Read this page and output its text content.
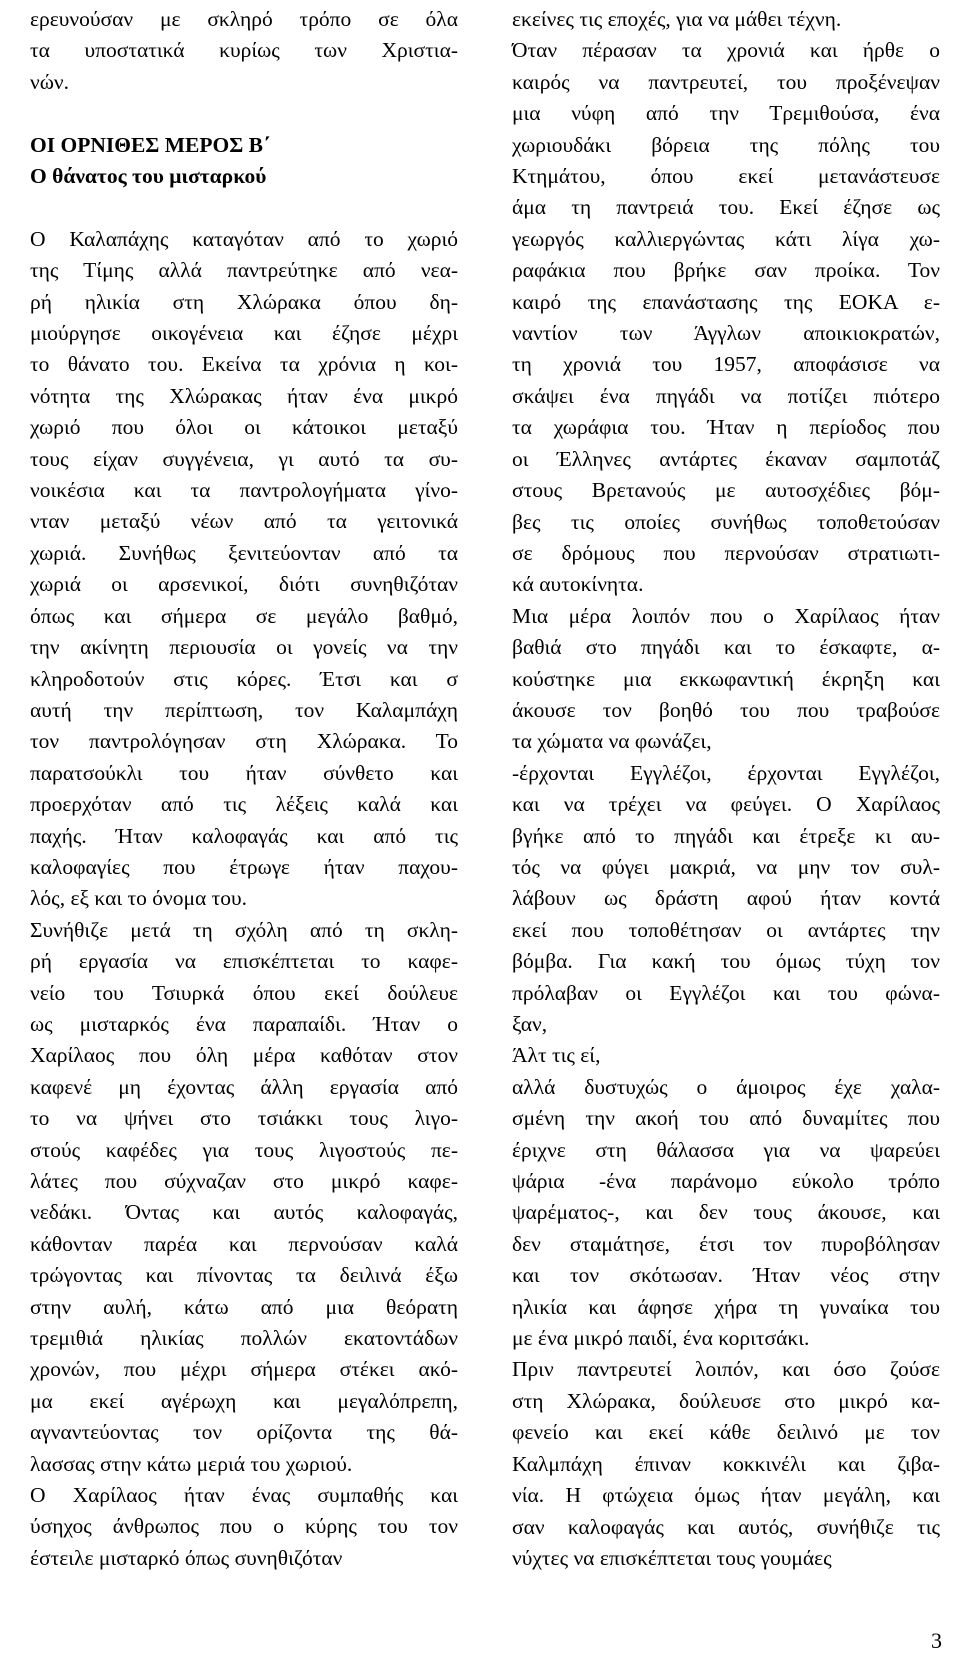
ερευνούσαν με σκληρό τρόπο σε όλα
τα υποστατικά κυρίως των Χριστια-
νών.

ΟΙ ΟΡΝΙΘΕΣ ΜΕΡΟΣ Β΄
Ο θάνατος του μισταρκού

Ο Καλαπάχης καταγόταν από το χωριό
της Τίμης αλλά παντρεύτηκε από νεα-
ρή ηλικία στη Χλώρακα όπου δη-
μιούργησε οικογένεια και έζησε μέχρι
το θάνατο του. Εκείνα τα χρόνια η κοι-
νότητα της Χλώρακας ήταν ένα μικρό
χωριό που όλοι οι κάτοικοι μεταξύ
τους είχαν συγγένεια, γι αυτό τα συ-
νοικέσια και τα παντρολογήματα γίνο-
νταν μεταξύ νέων από τα γειτονικά
χωριά. Συνήθως ξενιτεύονταν από τα
χωριά οι αρσενικοί, διότι συνηθιζόταν
όπως και σήμερα σε μεγάλο βαθμό,
την ακίνητη περιουσία οι γονείς να την
κληροδοτούν στις κόρες. Έτσι και σ
αυτή την περίπτωση, τον Καλαμπάχη
τον παντρολόγησαν στη Χλώρακα. Το
παρατσούκλι του ήταν σύνθετο και
προερχόταν από τις λέξεις καλά και
παχής. Ήταν καλοφαγάς και από τις
καλοφαγίες που έτρωγε ήταν παχου-
λός, εξ και το όνομα του.

Συνήθιζε μετά τη σχόλη από τη σκλη-
ρή εργασία να επισκέπτεται το καφε-
νείο του Τσιυρκά όπου εκεί δούλευε
ως μισταρκός ένα παραπαίδι. Ήταν ο
Χαρίλαος που όλη μέρα καθόταν στον
καφενέ μη έχοντας άλλη εργασία από
το να ψήνει στο τσιάκκι τους λιγο-
στούς καφέδες για τους λιγοστούς πε-
λάτες που σύχναζαν στο μικρό καφε-
νεδάκι. Όντας και αυτός καλοφαγάς,
κάθονταν παρέα και περνούσαν καλά
τρώγοντας και πίνοντας τα δειλινά έξω
στην αυλή, κάτω από μια θεόρατη
τρεμιθιά ηλικίας πολλών εκατοντάδων
χρονών, που μέχρι σήμερα στέκει ακό-
μα εκεί αγέρωχη και μεγαλόπρεπη,
αγναντεύοντας τον ορίζοντα της θά-
λασσας στην κάτω μεριά του χωριού.

Ο Χαρίλαος ήταν ένας συμπαθής και
ύσηχος άνθρωπος που ο κύρης του τον
έστειλε μισταρκό όπως συνηθιζόταν

εκείνες τις εποχές, για να μάθει τέχνη.

Όταν πέρασαν τα χρονιά και ήρθε ο
καιρός να παντρευτεί, του προξένεψαν
μια νύφη από την Τρεμιθούσα, ένα
χωριουδάκι βόρεια της πόλης του
Κτημάτου, όπου εκεί μετανάστευσε
άμα τη παντρειά του. Εκεί έζησε ως
γεωργός καλλιεργώντας κάτι λίγα χω-
ραφάκια που βρήκε σαν προίκα. Τον
καιρό της επανάστασης της ΕΟΚΑ ε-
ναντίον των Άγγλων αποικιοκρατών,
τη χρονιά του 1957, αποφάσισε να
σκάψει ένα πηγάδι να ποτίζει πιότερο
τα χωράφια του. Ήταν η περίοδος που
οι Έλληνες αντάρτες έκαναν σαμποτάζ
στους Βρετανούς με αυτοσχέδιες βόμ-
βες τις οποίες συνήθως τοποθετούσαν
σε δρόμους που περνούσαν στρατιωτι-
κά αυτοκίνητα.

Μια μέρα λοιπόν που ο Χαρίλαος ήταν
βαθιά στο πηγάδι και το έσκαφτε, α-
κούστηκε μια εκκωφαντική έκρηξη και
άκουσε τον βοηθό του που τραβούσε
τα χώματα να φωνάζει,

-έρχονται Εγγλέζοι, έρχονται Εγγλέζοι,
και να τρέχει να φεύγει. Ο Χαρίλαος
βγήκε από το πηγάδι και έτρεξε κι αυ-
τός να φύγει μακριά, να μην τον συλ-
λάβουν ως δράστη αφού ήταν κοντά
εκεί που τοποθέτησαν οι αντάρτες την
βόμβα. Για κακή του όμως τύχη τον
πρόλαβαν οι Εγγλέζοι και του φώνα-
ξαν,

Άλτ τις εί,

αλλά δυστυχώς ο άμοιρος έχε χαλα-
σμένη την ακοή του από δυναμίτες που
έριχνε στη θάλασσα για να ψαρεύει
ψάρια -ένα παράνομο εύκολο τρόπο
ψαρέματος-, και δεν τους άκουσε, και
δεν σταμάτησε, έτσι τον πυροβόλησαν
και τον σκότωσαν. Ήταν νέος στην
ηλικία και άφησε χήρα τη γυναίκα του
με ένα μικρό παιδί, ένα κοριτσάκι.

Πριν παντρευτεί λοιπόν, και όσο ζούσε
στη Χλώρακα, δούλευσε στο μικρό κα-
φενείο και εκεί κάθε δειλινό με τον
Καλμπάχη έπιναν κοκκινέλι και ζιβα-
νία. Η φτώχεια όμως ήταν μεγάλη, και
σαν καλοφαγάς και αυτός, συνήθιζε τις
νύχτες να επισκέπτεται τους γουμάες

3
